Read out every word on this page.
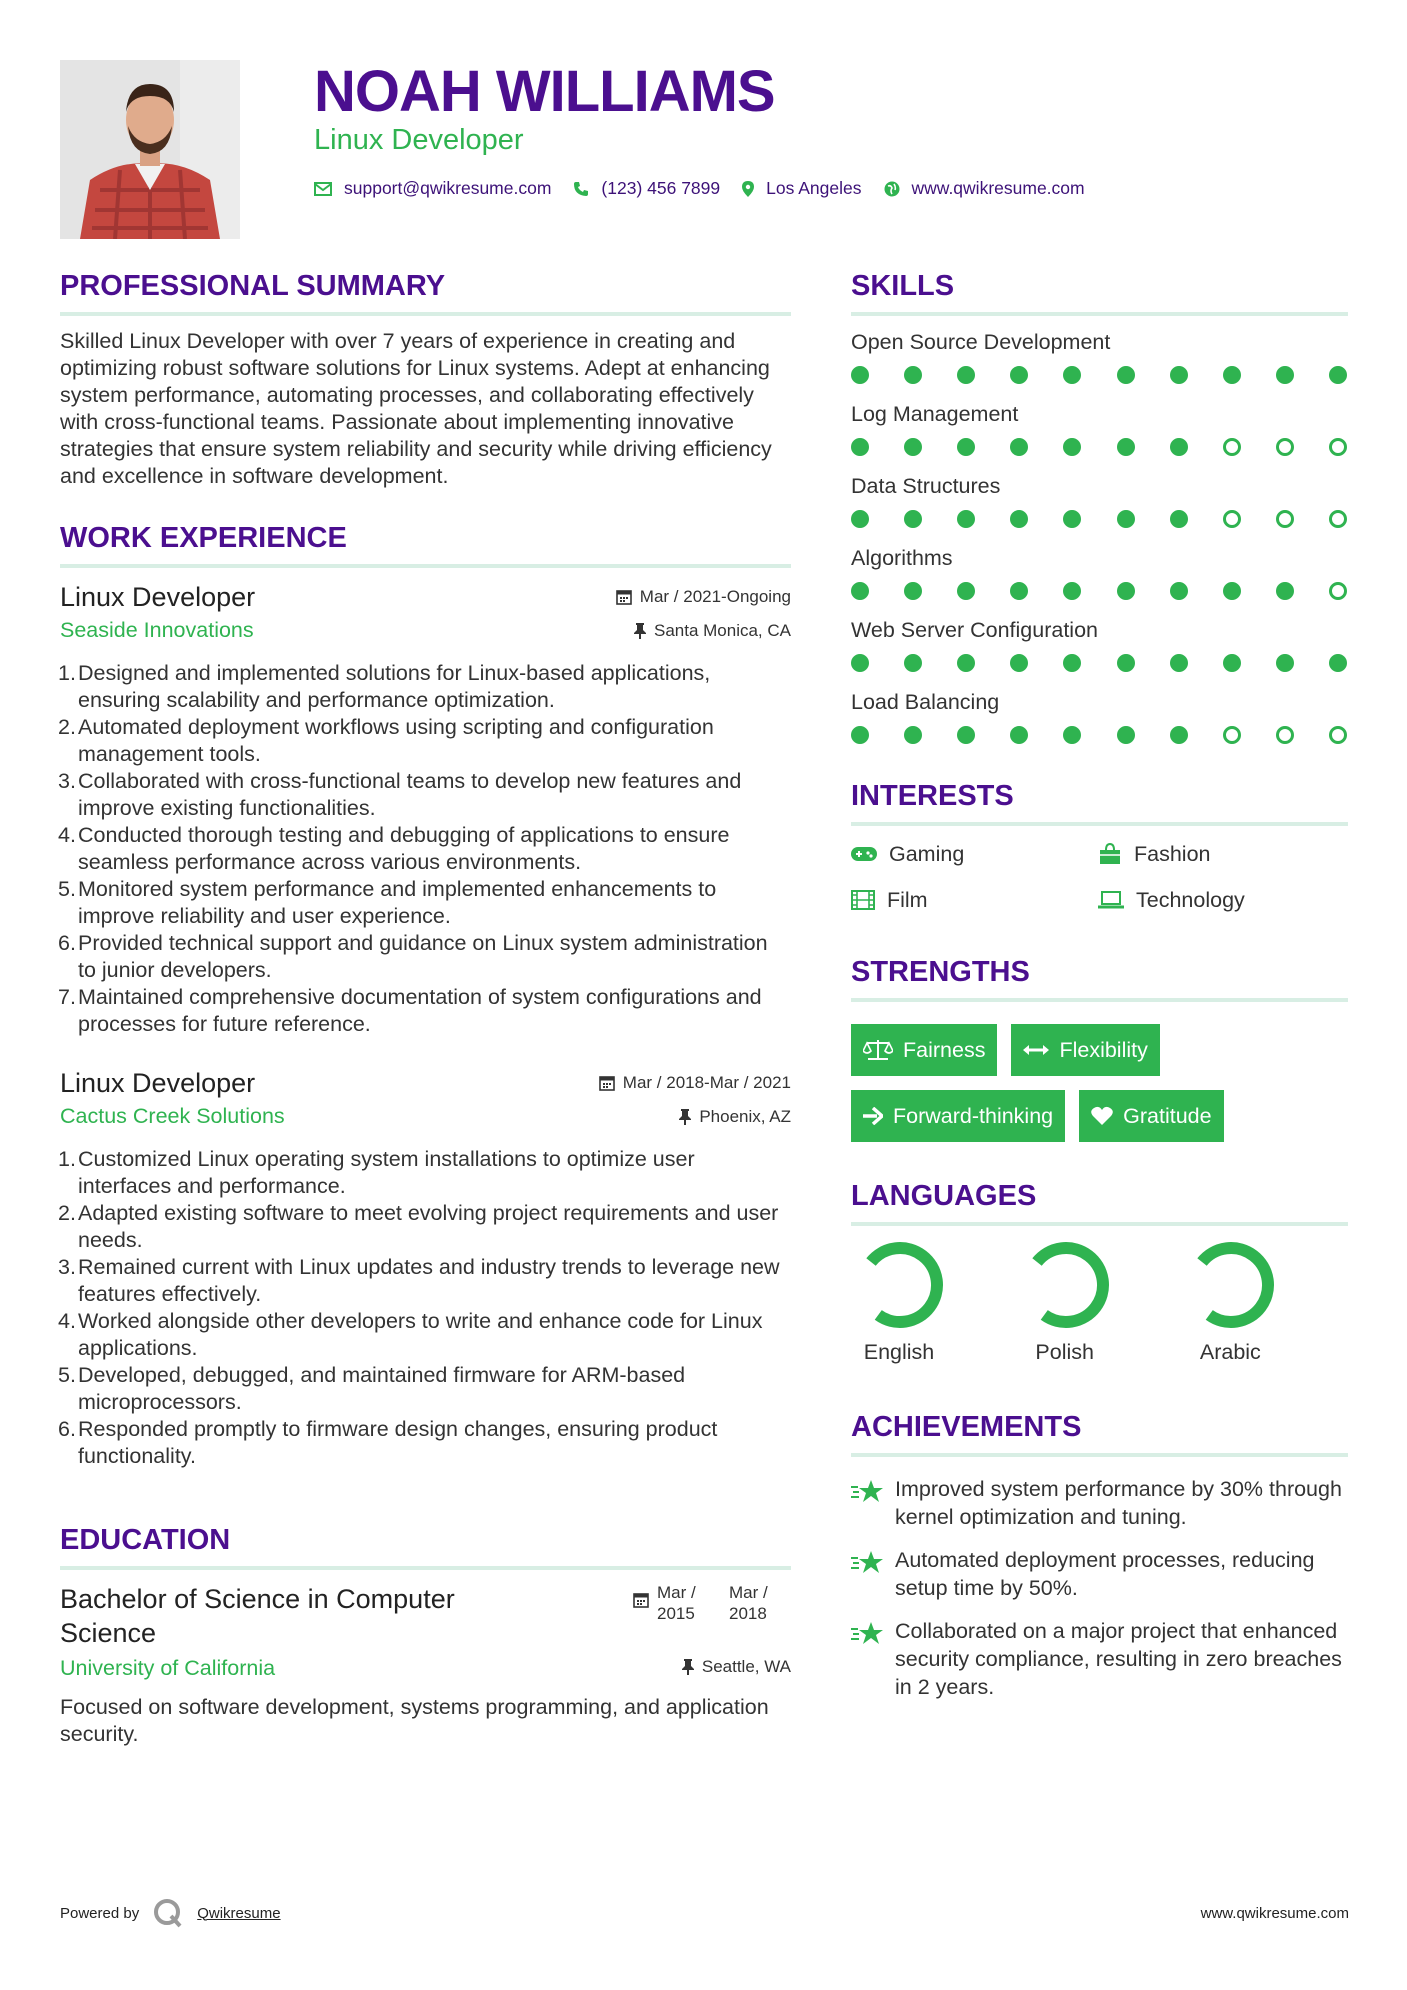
NOAH WILLIAMS
Linux Developer
support@qwikresume.com	(123) 456 7899	Los Angeles	www.qwikresume.com
PROFESSIONAL SUMMARY
Skilled Linux Developer with over 7 years of experience in creating and optimizing robust software solutions for Linux systems. Adept at enhancing system performance, automating processes, and collaborating effectively with cross-functional teams. Passionate about implementing innovative strategies that ensure system reliability and security while driving efficiency and excellence in software development.
WORK EXPERIENCE
Linux Developer
Seaside Innovations
Mar / 2021-Ongoing
Santa Monica, CA
1. Designed and implemented solutions for Linux-based applications, ensuring scalability and performance optimization.
2. Automated deployment workflows using scripting and configuration management tools.
3. Collaborated with cross-functional teams to develop new features and improve existing functionalities.
4. Conducted thorough testing and debugging of applications to ensure seamless performance across various environments.
5. Monitored system performance and implemented enhancements to improve reliability and user experience.
6. Provided technical support and guidance on Linux system administration to junior developers.
7. Maintained comprehensive documentation of system configurations and processes for future reference.
Linux Developer
Cactus Creek Solutions
Mar / 2018-Mar / 2021
Phoenix, AZ
1. Customized Linux operating system installations to optimize user interfaces and performance.
2. Adapted existing software to meet evolving project requirements and user needs.
3. Remained current with Linux updates and industry trends to leverage new features effectively.
4. Worked alongside other developers to write and enhance code for Linux applications.
5. Developed, debugged, and maintained firmware for ARM-based microprocessors.
6. Responded promptly to firmware design changes, ensuring product functionality.
EDUCATION
Bachelor of Science in Computer Science
University of California
Mar /
2015
Mar /
2018
Seattle, WA
Focused on software development, systems programming, and application security.
SKILLS
Open Source Development
Log Management
Data Structures
Algorithms
Web Server Configuration
Load Balancing
INTERESTS
Gaming	Fashion
Film	Technology
STRENGTHS
Fairness	Flexibility
Forward-thinking	Gratitude
LANGUAGES
English	Polish	Arabic
ACHIEVEMENTS
Improved system performance by 30% through kernel optimization and tuning.
Automated deployment processes, reducing setup time by 50%.
Collaborated on a major project that enhanced security compliance, resulting in zero breaches in 2 years.
Powered by	Qwikresume	www.qwikresume.com
